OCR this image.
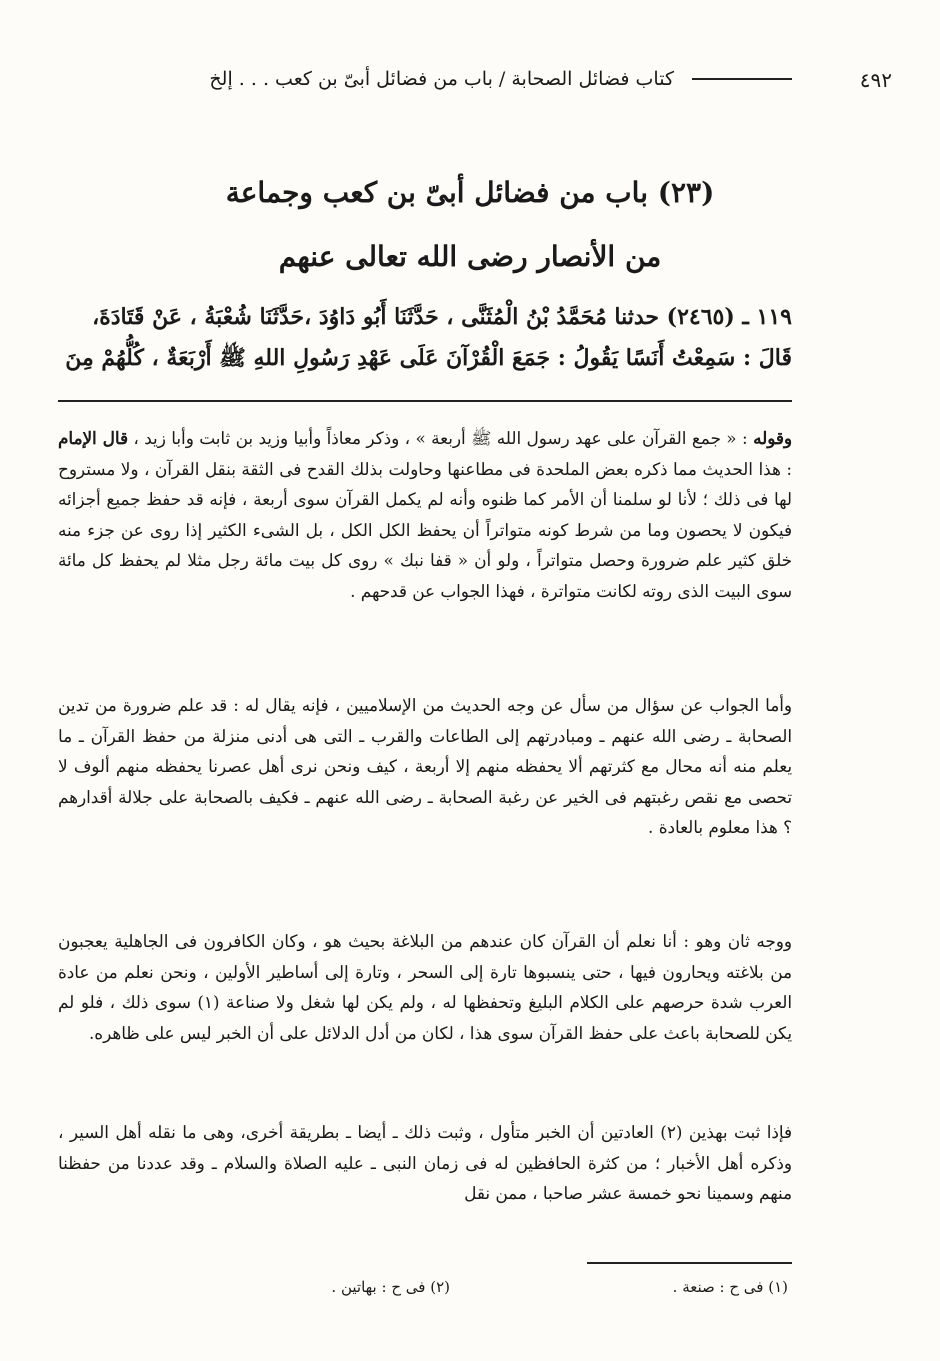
٤٩٢
كتاب فضائل الصحابة / باب من فضائل أبىّ بن كعب . . . إلخ
(٢٣) باب من فضائل أبىّ بن كعب وجماعة
من الأنصار رضى الله تعالى عنهم
١١٩ ـ (٢٤٦٥) حدثنا مُحَمَّدُ بْنُ الْمُثَنَّى ، حَدَّثَنَا أَبُو دَاوُدَ ،حَدَّثَنَا شُعْبَةُ ، عَنْ قَتَادَةَ،
قَالَ : سَمِعْتُ أَنَسًا يَقُولُ : جَمَعَ الْقُرْآنَ عَلَى عَهْدِ رَسُولِ اللهِ ﷺ أَرْبَعَةٌ ، كُلُّهُمْ مِنَ
وقوله : « جمع القرآن على عهد رسول الله ﷺ أربعة » ، وذكر معاذاً وأبيا وزيد بن ثابت وأبا زيد ، قال الإمام : هذا الحديث مما ذكره بعض الملحدة فى مطاعنها وحاولت بذلك القدح فى الثقة بنقل القرآن ، ولا مستروح لها فى ذلك ؛ لأنا لو سلمنا أن الأمر كما ظنوه وأنه لم يكمل القرآن سوى أربعة ، فإنه قد حفظ جميع أجزائه فيكون لا يحصون وما من شرط كونه متواتراً أن يحفظ الكل الكل ، بل الشىء الكثير إذا روى عن جزء منه خلق كثير علم ضرورة وحصل متواتراً ، ولو أن « قفا نبك » روى كل بيت مائة رجل مثلا لم يحفظ كل مائة سوى البيت الذى روته لكانت متواترة ، فهذا الجواب عن قدحهم .
وأما الجواب عن سؤال من سأل عن وجه الحديث من الإسلاميين ، فإنه يقال له : قد علم ضرورة من تدين الصحابة ـ رضى الله عنهم ـ ومبادرتهم إلى الطاعات والقرب ـ التى هى أدنى منزلة من حفظ القرآن ـ ما يعلم منه أنه محال مع كثرتهم ألا يحفظه منهم إلا أربعة ، كيف ونحن نرى أهل عصرنا يحفظه منهم ألوف لا تحصى مع نقص رغبتهم فى الخير عن رغبة الصحابة ـ رضى الله عنهم ـ فكيف بالصحابة على جلالة أقدارهم ؟ هذا معلوم بالعادة .
ووجه ثان وهو : أنا نعلم أن القرآن كان عندهم من البلاغة بحيث هو ، وكان الكافرون فى الجاهلية يعجبون من بلاغته ويحارون فيها ، حتى ينسبوها تارة إلى السحر ، وتارة إلى أساطير الأولين ، ونحن نعلم من عادة العرب شدة حرصهم على الكلام البليغ وتحفظها له ، ولم يكن لها شغل ولا صناعة (١) سوى ذلك ، فلو لم يكن للصحابة باعث على حفظ القرآن سوى هذا ، لكان من أدل الدلائل على أن الخبر ليس على ظاهره.
فإذا ثبت بهذين (٢) العادتين أن الخبر متأول ، وثبت ذلك ـ أيضا ـ بطريقة أخرى، وهى ما نقله أهل السير ، وذكره أهل الأخبار ؛ من كثرة الحافظين له فى زمان النبى ـ عليه الصلاة والسلام ـ وقد عددنا من حفظنا منهم وسمينا نحو خمسة عشر صاحبا ، ممن نقل
(١) فى ح : صنعة .
(٢) فى ح : بهاتين .
